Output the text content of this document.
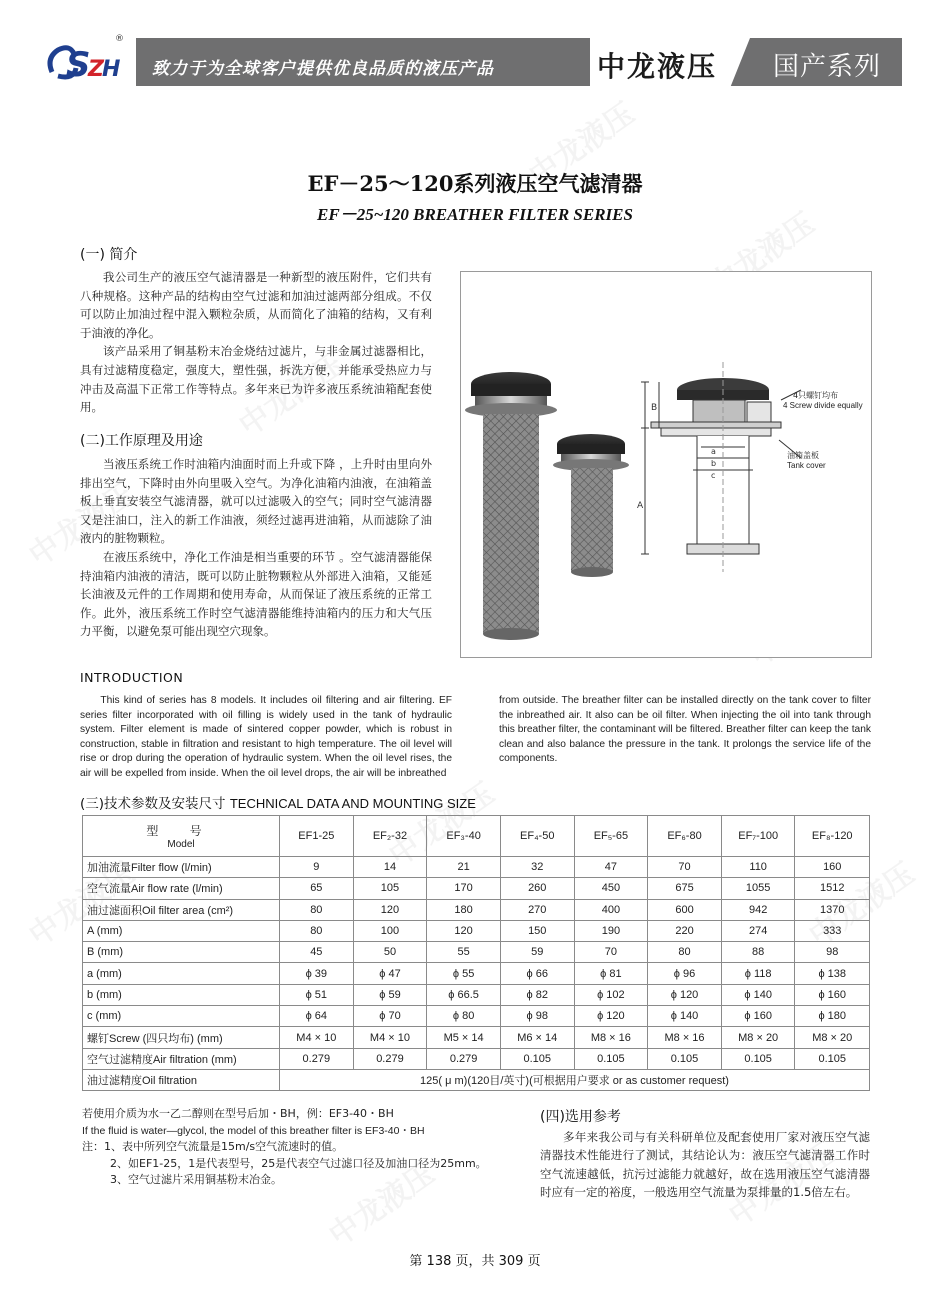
S
Z
H
®
致力于为全球客户提供优良品质的液压产品	中龙液压 国产系列
EF－25～120系列液压空气滤清器
EF－25~120 BREATHER FILTER SERIES
(一) 简介

我公司生产的液压空气滤清器是一种新型的液压附件，它们共有八种规格。这种产品的结构由空气过滤和加油过滤两部分组成。不仅可以防止加油过程中混入颗粒杂质，从而简化了油箱的结构，又有利于油液的净化。

该产品采用了铜基粉末冶金烧结过滤片，与非金属过滤器相比，具有过滤精度稳定，强度大，塑性强，拆洗方便，并能承受热应力与冲击及高温下正常工作等特点。多年来已为许多液压系统油箱配套使用。

(二)工作原理及用途

当液压系统工作时油箱内油面时而上升或下降 ，上升时由里向外排出空气，下降时由外向里吸入空气。为净化油箱内油液，在油箱盖板上垂直安装空气滤清器，就可以过滤吸入的空气；同时空气滤清器又是注油口，注入的新工作油液，须经过滤再进油箱，从而滤除了油液内的脏物颗粒。

在液压系统中，净化工作油是相当重要的环节 。空气滤清器能保持油箱内油液的清洁，既可以防止脏物颗粒从外部进入油箱，又能延长油液及元件的工作周期和使用寿命，从而保证了液压系统的正常工作。此外，液压系统工作时空气滤清器能维持油箱内的压力和大气压力平衡，以避免泵可能出现空穴现象。

A
B
a
b
c
4只螺钉均布
4 Screw divide equally
油箱盖板
Tank cover
INTRODUCTION

This kind of series has 8 models. It includes oil filtering and air filtering. EF series filter incorporated with oil filling is widely used in the tank of hydraulic system. Filter element is made of sintered copper powder, which is robust in construction, stable in filtration and resistant to high temperature. The oil level will rise or drop during the operation of hydraulic system. When the oil level rises, the air will be expelled from inside. When the oil level drops, the air will be inbreathed

from outside. The breather filter can be installed directly on the tank cover to filter the inbreathed air. It also can be oil filter. When injecting the oil into tank through this breather filter, the contaminant will be filtered. Breather filter can keep the tank clean and also balance the pressure in the tank. It prolongs the service life of the components.

(三)技术参数及安装尺寸 TECHNICAL DATA AND MOUNTING SIZE
型 号
Model	EF1-25	EF₂-32	EF₃-40	EF₄-50	EF₅-65	EF₆-80	EF₇-100	EF₈-120
加油流量Filter flow (l/min)	9	14	21	32	47	70	110	160
空气流量Air flow rate (l/min)	65	105	170	260	450	675	1055	1512
油过滤面积Oil filter area (cm²)	80	120	180	270	400	600	942	1370
A (mm)	80	100	120	150	190	220	274	333
B (mm)	45	50	55	59	70	80	88	98
a (mm)	ϕ 39	ϕ 47	ϕ 55	ϕ 66	ϕ 81	ϕ 96	ϕ 118	ϕ 138
b (mm)	ϕ 51	ϕ 59	ϕ 66.5	ϕ 82	ϕ 102	ϕ 120	ϕ 140	ϕ 160
c (mm)	ϕ 64	ϕ 70	ϕ 80	ϕ 98	ϕ 120	ϕ 140	ϕ 160	ϕ 180
螺钉Screw (四只均布) (mm)	M4 × 10	M4 × 10	M5 × 14	M6 × 14	M8 × 16	M8 × 16	M8 × 20	M8 × 20
空气过滤精度Air filtration (mm)	0.279	0.279	0.279	0.105	0.105	0.105	0.105	0.105
油过滤精度Oil filtration	125( μ m)(120目/英寸)(可根据用户要求 or as customer request)							
若使用介质为水一乙二醇则在型号后加・BH，例：EF3-40・BH
If the fluid is water—glycol, the model of this breather filter is EF3-40・BH
注：1、表中所列空气流量是15m/s空气流速时的值。
2、如EF1-25，1是代表型号，25是代表空气过滤口径及加油口径为25mm。
3、空气过滤片采用铜基粉末冶金。
(四)选用参考

多年来我公司与有关科研单位及配套使用厂家对液压空气滤清器技术性能进行了测试，其结论认为：液压空气滤清器工作时空气流速越低，抗污过滤能力就越好，故在选用液压空气滤清器时应有一定的裕度，一般选用空气流量为泵排量的1.5倍左右。

第 138 页，共 309 页
